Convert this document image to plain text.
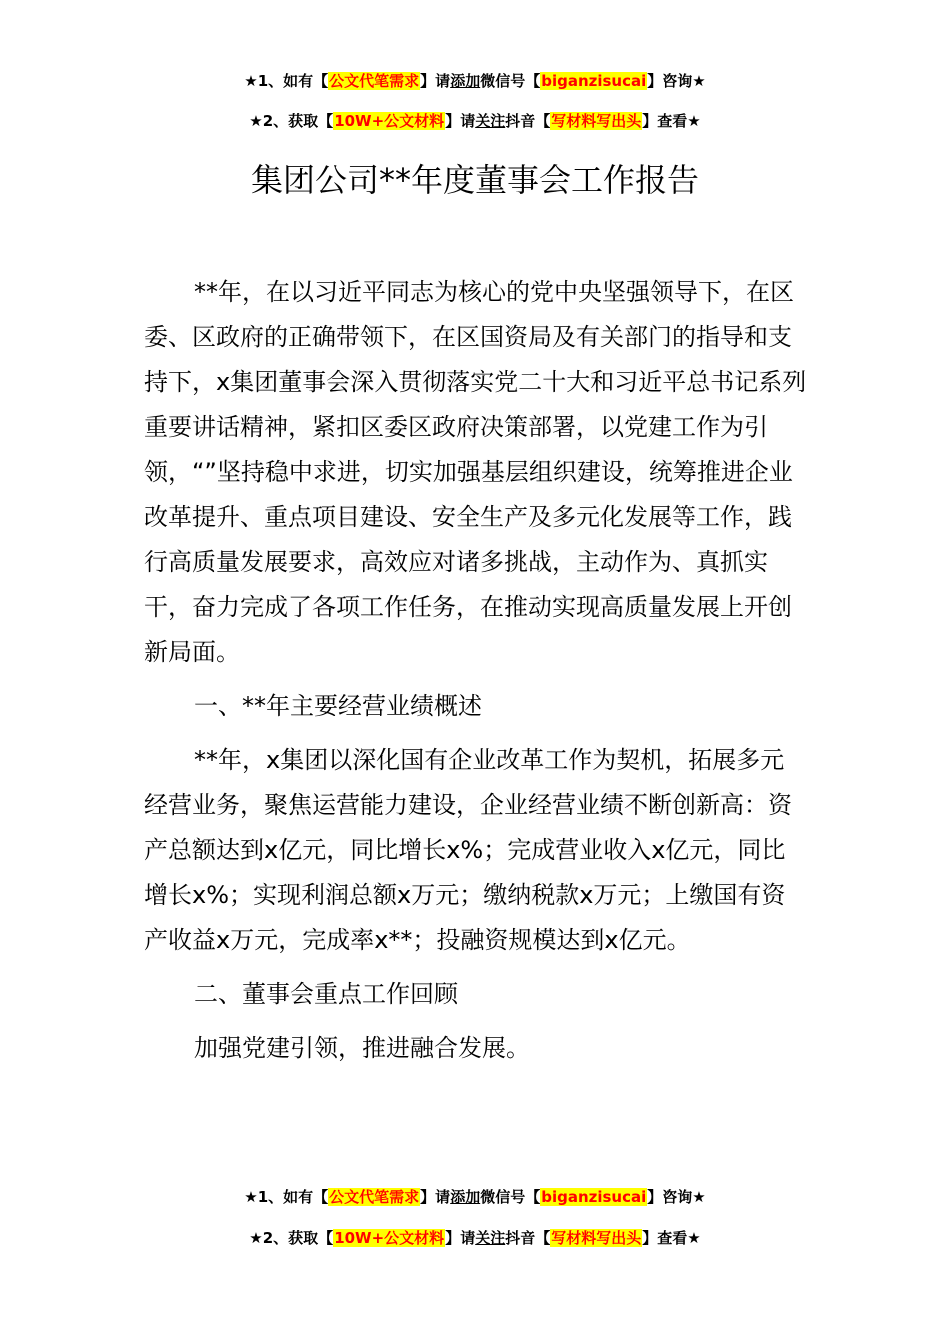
★1、如有【公文代笔需求】请添加微信号【biganzisucai】咨询★
★2、获取【10W+公文材料】请关注抖音【写材料写出头】查看★
集团公司**年度董事会工作报告

**年，在以习近平同志为核心的党中央坚强领导下，在区委、区政府的正确带领下，在区国资局及有关部门的指导和支持下，x集团董事会深入贯彻落实党二十大和习近平总书记系列重要讲话精神，紧扣区委区政府决策部署，以党建工作为引领，“”坚持稳中求进，切实加强基层组织建设，统筹推进企业改革提升、重点项目建设、安全生产及多元化发展等工作，践行高质量发展要求，高效应对诸多挑战，主动作为、真抓实干，奋力完成了各项工作任务，在推动实现高质量发展上开创新局面。

一、**年主要经营业绩概述

**年，x集团以深化国有企业改革工作为契机，拓展多元经营业务，聚焦运营能力建设，企业经营业绩不断创新高：资产总额达到x亿元，同比增长x%；完成营业收入x亿元，同比增长x%；实现利润总额x万元；缴纳税款x万元；上缴国有资产收益x万元，完成率x**；投融资规模达到x亿元。

二、董事会重点工作回顾

加强党建引领，推进融合发展。

★1、如有【公文代笔需求】请添加微信号【biganzisucai】咨询★
★2、获取【10W+公文材料】请关注抖音【写材料写出头】查看★
